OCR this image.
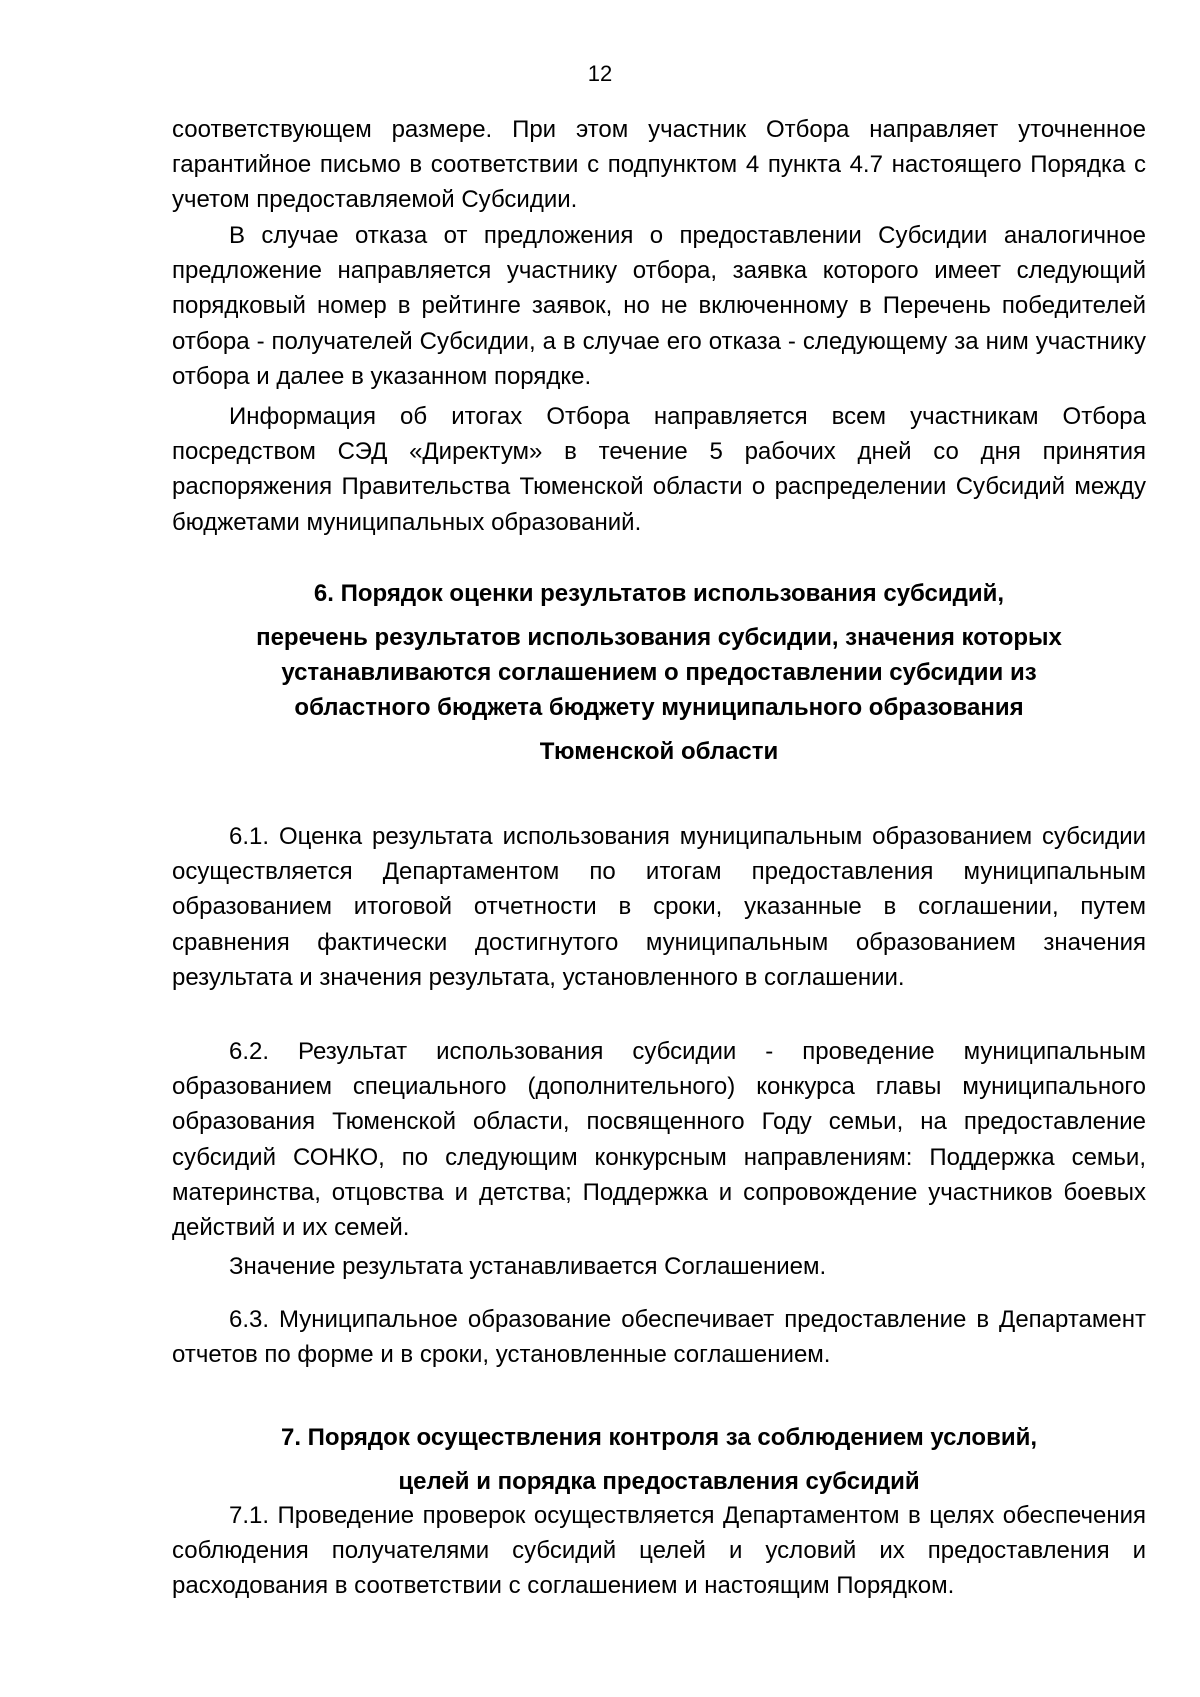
12

соответствующем размере. При этом участник Отбора направляет уточненное гарантийное письмо в соответствии с подпунктом 4 пункта 4.7 настоящего Порядка с учетом предоставляемой Субсидии.

В случае отказа от предложения о предоставлении Субсидии аналогичное предложение направляется участнику отбора, заявка которого имеет следующий порядковый номер в рейтинге заявок, но не включенному в Перечень победителей отбора - получателей Субсидии, а в случае его отказа - следующему за ним участнику отбора и далее в указанном порядке.

Информация об итогах Отбора направляется всем участникам Отбора посредством СЭД «Директум» в течение 5 рабочих дней со дня принятия распоряжения Правительства Тюменской области о распределении Субсидий между бюджетами муниципальных образований.

6. Порядок оценки результатов использования субсидий,
перечень результатов использования субсидии, значения которых
устанавливаются соглашением о предоставлении субсидии из
областного бюджета бюджету муниципального образования
Тюменской области

6.1. Оценка результата использования муниципальным образованием субсидии осуществляется Департаментом по итогам предоставления муниципальным образованием итоговой отчетности в сроки, указанные в соглашении, путем сравнения фактически достигнутого муниципальным образованием значения результата и значения результата, установленного в соглашении.

6.2. Результат использования субсидии - проведение муниципальным образованием специального (дополнительного) конкурса главы муниципального образования Тюменской области, посвященного Году семьи, на предоставление субсидий СОНКО, по следующим конкурсным направлениям: Поддержка семьи, материнства, отцовства и детства; Поддержка и сопровождение участников боевых действий и их семей.

Значение результата устанавливается Соглашением.

6.3. Муниципальное образование обеспечивает предоставление в Департамент отчетов по форме и в сроки, установленные соглашением.

7. Порядок осуществления контроля за соблюдением условий,
целей и порядка предоставления субсидий

7.1. Проведение проверок осуществляется Департаментом в целях обеспечения соблюдения получателями субсидий целей и условий их предоставления и расходования в соответствии с соглашением и настоящим Порядком.
